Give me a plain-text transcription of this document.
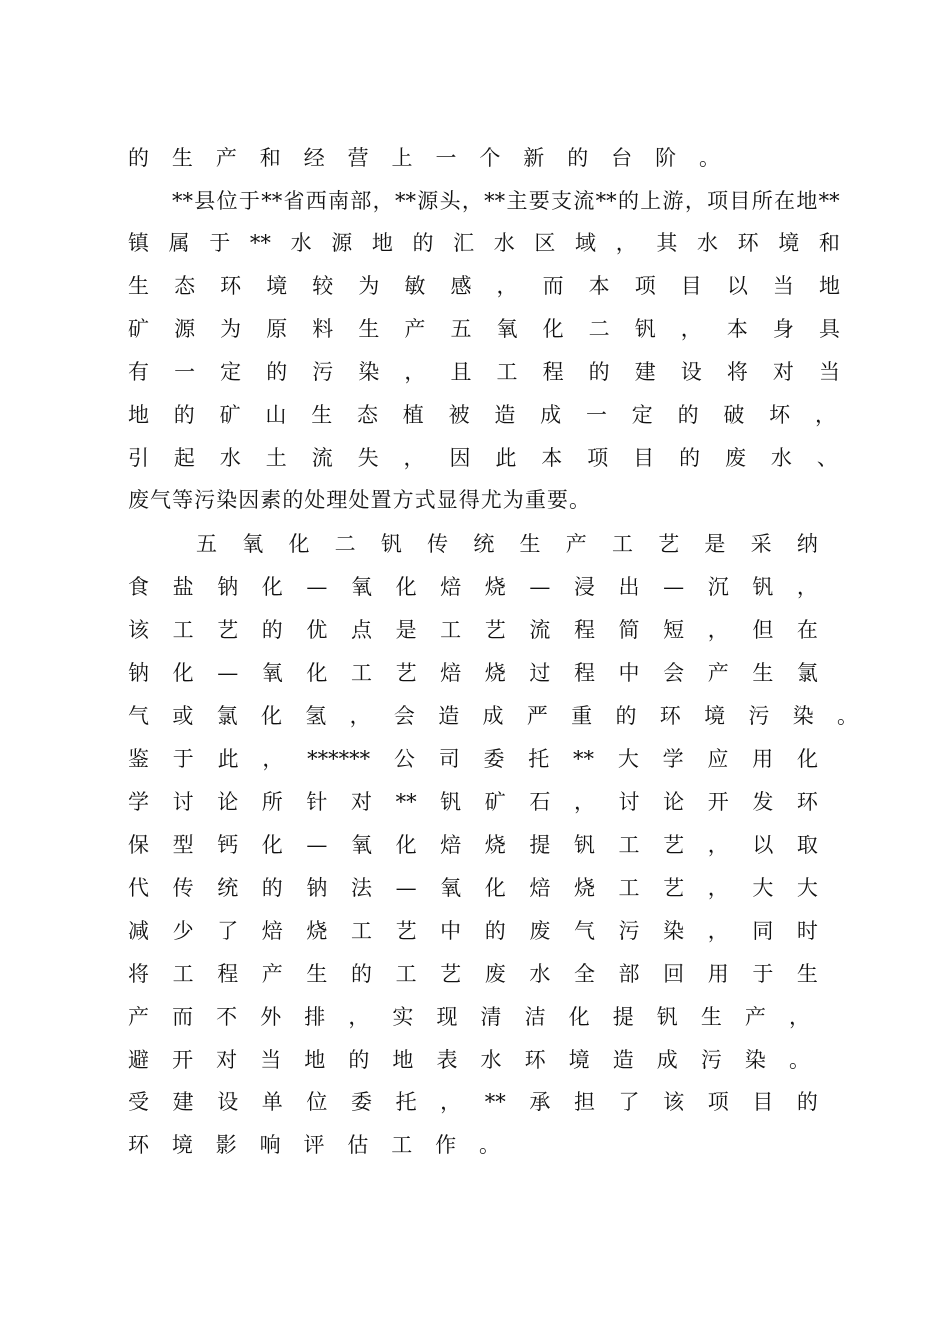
的 生 产 和 经 营 上 一 个 新 的 台 阶 。
** 县 位 于 ** 省 西 南 部 ， ** 源 头 ， ** 主 要 支 流 ** 的 上 游 ， 项 目 所 在 地 **
镇 属 于 ** 水 源 地 的 汇 水 区 域 ， 其 水 环 境 和
生 态 环 境 较 为 敏 感 ， 而 本 项 目 以 当 地
矿 源 为 原 料 生 产 五 氧 化 二 钒 ， 本 身 具
有 一 定 的 污 染 ， 且 工 程 的 建 设 将 对 当
地 的 矿 山 生 态 植 被 造 成 一 定 的 破 坏 ，
引 起 水 土 流 失 ， 因 此 本 项 目 的 废 水 、
废 气 等 污 染 因 素 的 处 理 处 置 方 式 显 得 尤 为 重 要 。
五 氧 化 二 钒 传 统 生 产 工 艺 是 采 纳
食 盐 钠 化 — 氧 化 焙 烧 — 浸 出 — 沉 钒 ，
该 工 艺 的 优 点 是 工 艺 流 程 简 短 ， 但 在
钠 化 — 氧 化 工 艺 焙 烧 过 程 中 会 产 生 氯
气 或 氯 化 氢 ， 会 造 成 严 重 的 环 境 污 染 。
鉴 于 此 ， ****** 公 司 委 托 ** 大 学 应 用 化
学 讨 论 所 针 对 ** 钒 矿 石 ， 讨 论 开 发 环
保 型 钙 化 — 氧 化 焙 烧 提 钒 工 艺 ， 以 取
代 传 统 的 钠 法 — 氧 化 焙 烧 工 艺 ， 大 大
减 少 了 焙 烧 工 艺 中 的 废 气 污 染 ， 同 时
将 工 程 产 生 的 工 艺 废 水 全 部 回 用 于 生
产 而 不 外 排 ， 实 现 清 洁 化 提 钒 生 产 ，
避 开 对 当 地 的 地 表 水 环 境 造 成 污 染 。
受 建 设 单 位 委 托 ， ** 承 担 了 该 项 目 的
环 境 影 响 评 估 工 作 。
